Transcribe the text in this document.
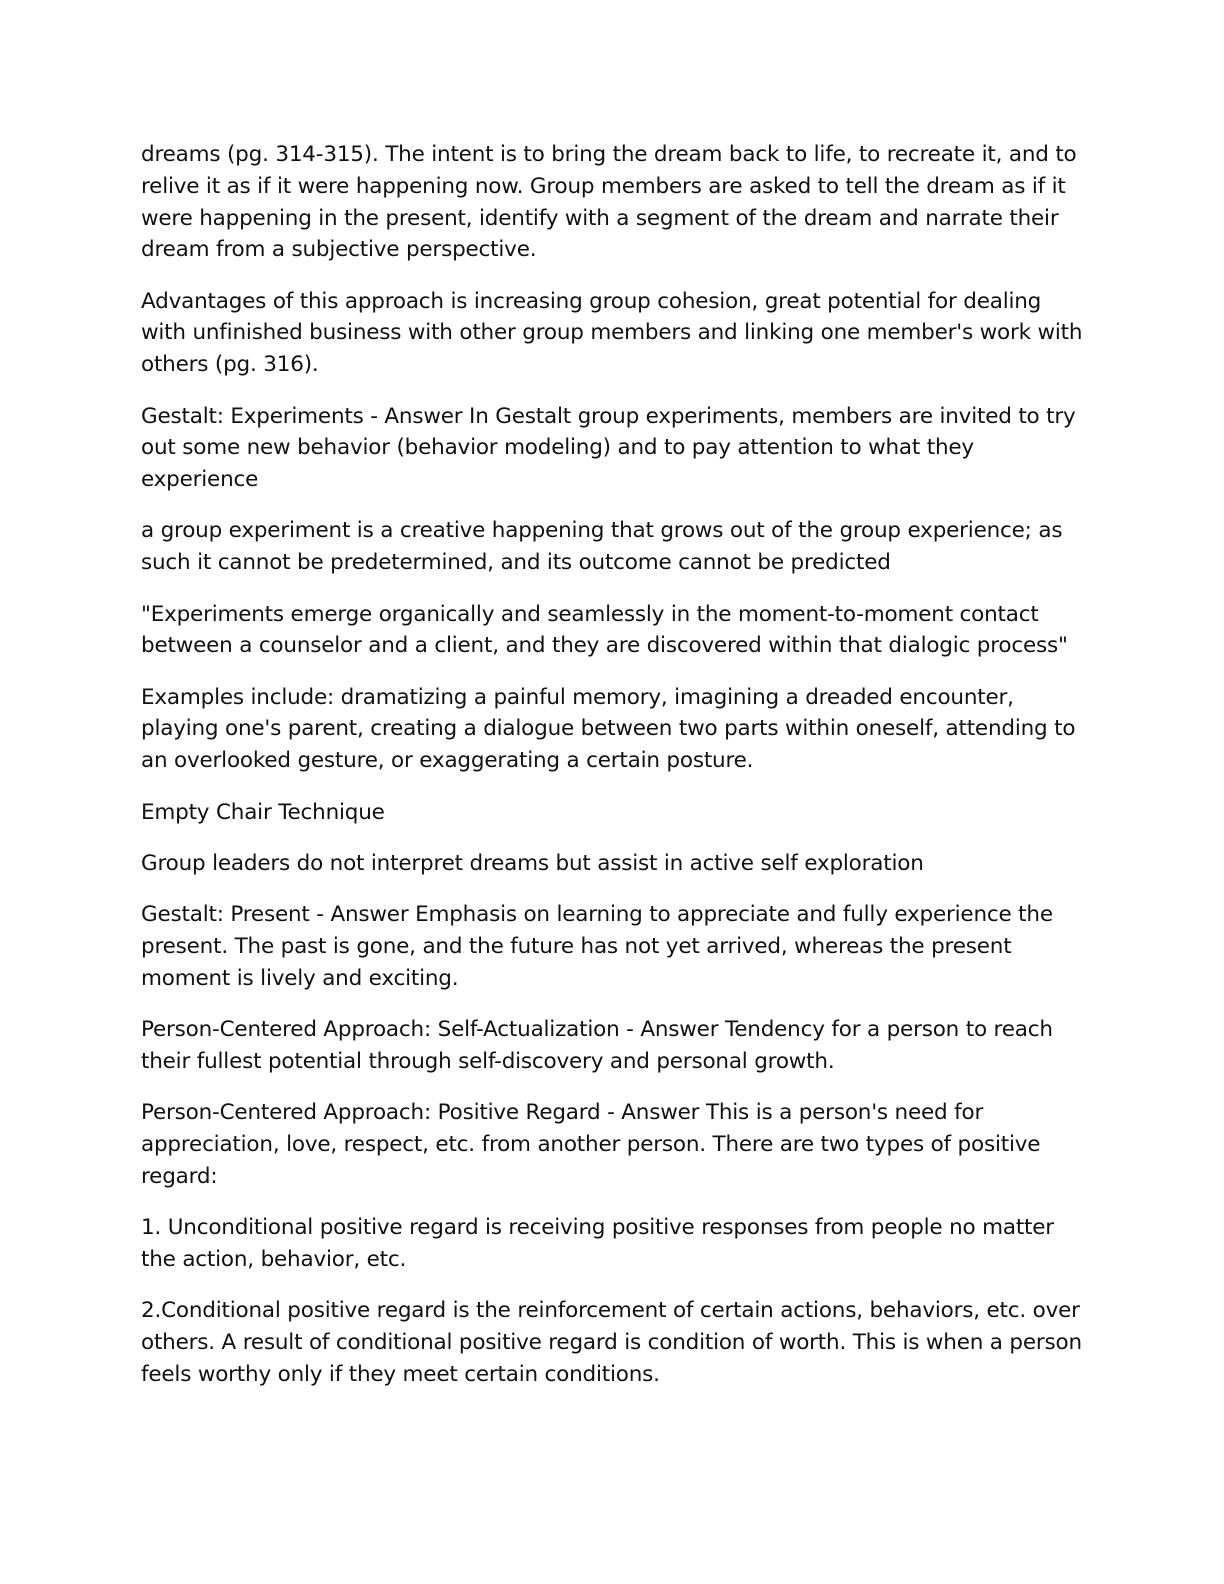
dreams (pg. 314-315). The intent is to bring the dream back to life, to recreate it, and to relive it as if it were happening now. Group members are asked to tell the dream as if it were happening in the present, identify with a segment of the dream and narrate their dream from a subjective perspective.

Advantages of this approach is increasing group cohesion, great potential for dealing with unfinished business with other group members and linking one member's work with others (pg. 316).

Gestalt: Experiments - Answer In Gestalt group experiments, members are invited to try out some new behavior (behavior modeling) and to pay attention to what they experience

a group experiment is a creative happening that grows out of the group experience; as such it cannot be predetermined, and its outcome cannot be predicted

"Experiments emerge organically and seamlessly in the moment-to-moment contact between a counselor and a client, and they are discovered within that dialogic process"

Examples include: dramatizing a painful memory, imagining a dreaded encounter, playing one's parent, creating a dialogue between two parts within oneself, attending to an overlooked gesture, or exaggerating a certain posture.

Empty Chair Technique

Group leaders do not interpret dreams but assist in active self exploration

Gestalt: Present - Answer Emphasis on learning to appreciate and fully experience the present. The past is gone, and the future has not yet arrived, whereas the present moment is lively and exciting.

Person-Centered Approach: Self-Actualization - Answer Tendency for a person to reach their fullest potential through self-discovery and personal growth.

Person-Centered Approach: Positive Regard - Answer This is a person's need for appreciation, love, respect, etc. from another person. There are two types of positive regard:

1. Unconditional positive regard is receiving positive responses from people no matter the action, behavior, etc.

2.Conditional positive regard is the reinforcement of certain actions, behaviors, etc. over others. A result of conditional positive regard is condition of worth. This is when a person feels worthy only if they meet certain conditions.
